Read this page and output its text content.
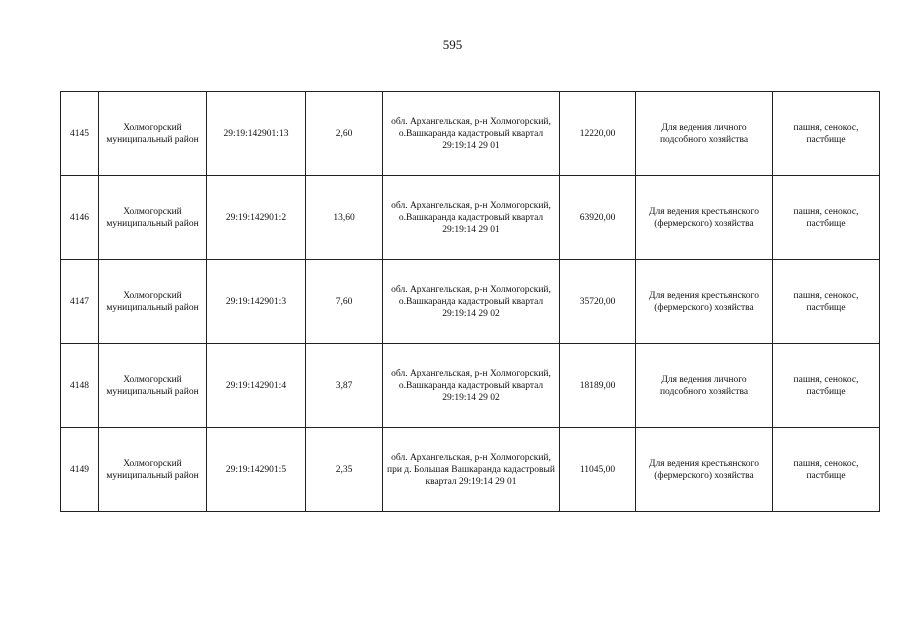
595
4145	Холмогорский муниципальный район	29:19:142901:13	2,60	обл. Архангельская, р-н Холмогорский, о.Вашкаранда кадастровый квартал 29:19:14 29 01	12220,00	Для ведения личного подсобного хозяйства	пашня, сенокос, пастбище
4146	Холмогорский муниципальный район	29:19:142901:2	13,60	обл. Архангельская, р-н Холмогорский, о.Вашкаранда кадастровый квартал 29:19:14 29 01	63920,00	Для ведения крестьянского (фермерского) хозяйства	пашня, сенокос, пастбище
4147	Холмогорский муниципальный район	29:19:142901:3	7,60	обл. Архангельская, р-н Холмогорский, о.Вашкаранда кадастровый квартал 29:19:14 29 02	35720,00	Для ведения крестьянского (фермерского) хозяйства	пашня, сенокос, пастбище
4148	Холмогорский муниципальный район	29:19:142901:4	3,87	обл. Архангельская, р-н Холмогорский, о.Вашкаранда кадастровый квартал 29:19:14 29 02	18189,00	Для ведения личного подсобного хозяйства	пашня, сенокос, пастбище
4149	Холмогорский муниципальный район	29:19:142901:5	2,35	обл. Архангельская, р-н Холмогорский, при д. Большая Вашкаранда кадастровый квартал 29:19:14 29 01	11045,00	Для ведения крестьянского (фермерского) хозяйства	пашня, сенокос, пастбище
